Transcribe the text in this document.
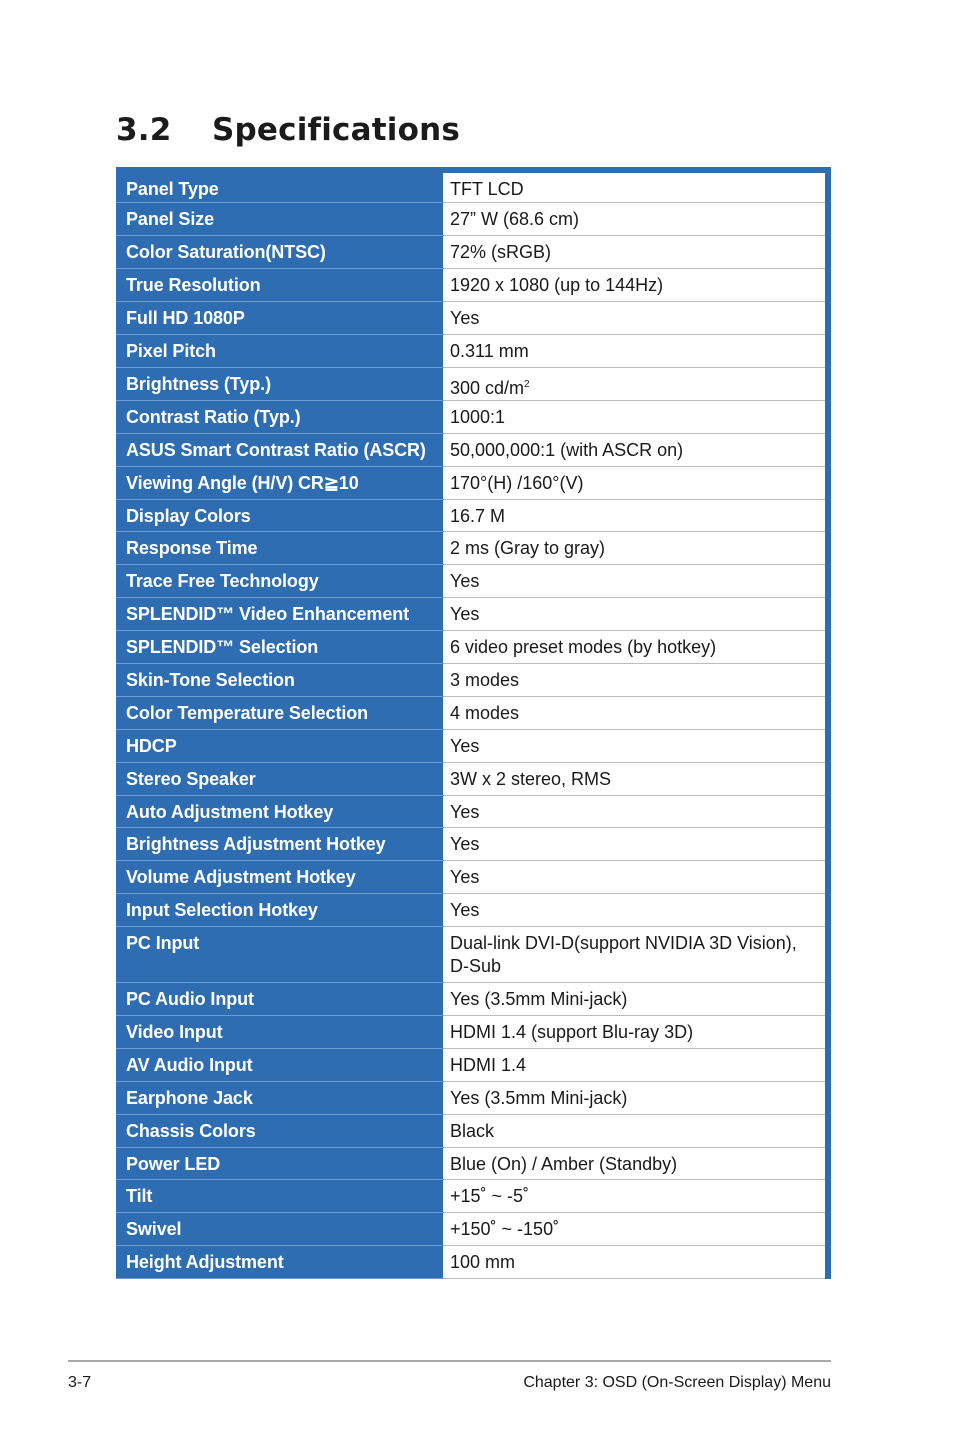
3.2 Specifications
Panel Type	TFT LCD
Panel Size	27” W (68.6 cm)
Color Saturation(NTSC)	72% (sRGB)
True Resolution	1920 x 1080 (up to 144Hz)
Full HD 1080P	Yes
Pixel Pitch	0.311 mm
Brightness (Typ.)	300 $cd/m^2$
Contrast Ratio (Typ.)	1000:1
ASUS Smart Contrast Ratio (ASCR)	50,000,000:1 (with ASCR on)
Viewing Angle (H/V) CR≧10	170°(H) /160°(V)
Display Colors	16.7 M
Response Time	2 ms (Gray to gray)
Trace Free Technology	Yes
SPLENDID™ Video Enhancement	Yes
SPLENDID™ Selection	6 video preset modes (by hotkey)
Skin-Tone Selection	3 modes
Color Temperature Selection	4 modes
HDCP	Yes
Stereo Speaker	3W x 2 stereo, RMS
Auto Adjustment Hotkey	Yes
Brightness Adjustment Hotkey	Yes
Volume Adjustment Hotkey	Yes
Input Selection Hotkey	Yes
PC Input	Dual-link DVI-D(support NVIDIA 3D Vision), D-Sub
PC Audio Input	Yes (3.5mm Mini-jack)
Video Input	HDMI 1.4 (support Blu-ray 3D)
AV Audio Input	HDMI 1.4
Earphone Jack	Yes (3.5mm Mini-jack)
Chassis Colors	Black
Power LED	Blue (On) / Amber (Standby)
Tilt	+15˚ ~ -5˚
Swivel	+150˚ ~ -150˚
Height Adjustment	100 mm
3-7	Chapter 3: OSD (On-Screen Display) Menu
